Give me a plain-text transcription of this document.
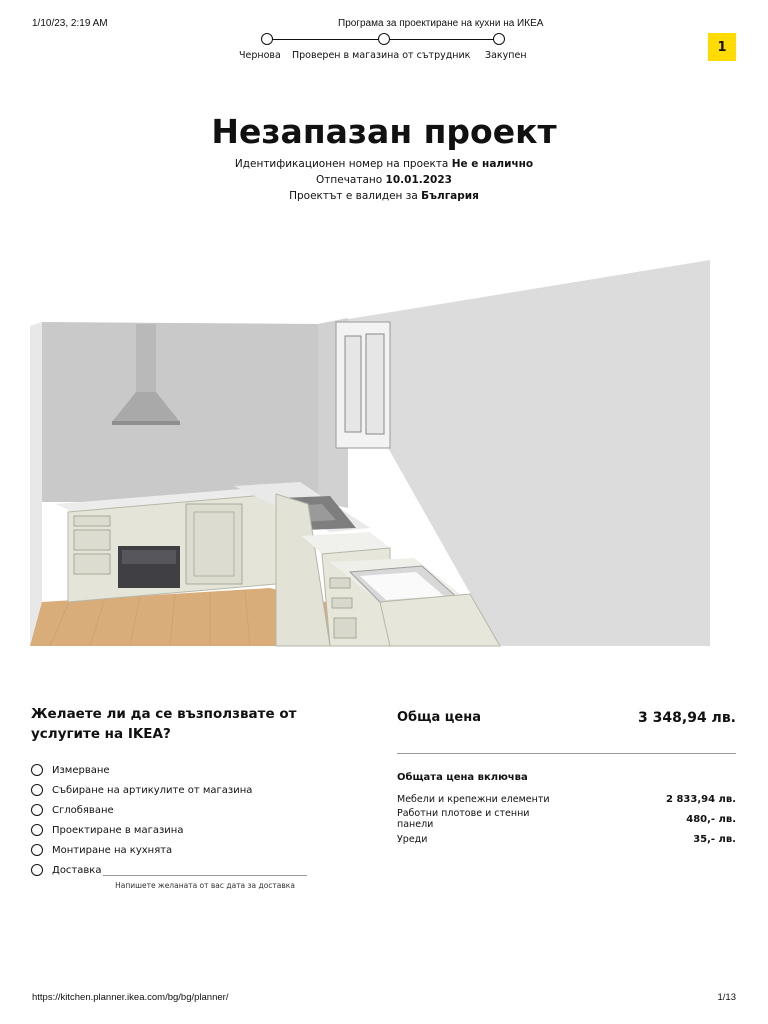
1/10/23, 2:19 AM	Програма за проектиране на кухни на ИКЕА
Чернова Проверен в магазина от сътрудник Закупен
1
Незапазан проект
Идентификационен номер на проекта Не е налично
Отпечатано 10.01.2023
Проектът е валиден за България
Желаете ли да се възползвате от услугите на IKEA?
Измерване
Събиране на артикулите от магазина
Сглобяване
Проектиране в магазина
Монтиране на кухнята
Доставка
Напишете желаната от вас дата за доставка
Обща цена	3 348,94 лв.
Общата цена включва
Мебели и крепежни елементи	2 833,94 лв.
Работни плотове и стенни панели	480,- лв.
Уреди	35,- лв.
https://kitchen.planner.ikea.com/bg/bg/planner/	1/13
